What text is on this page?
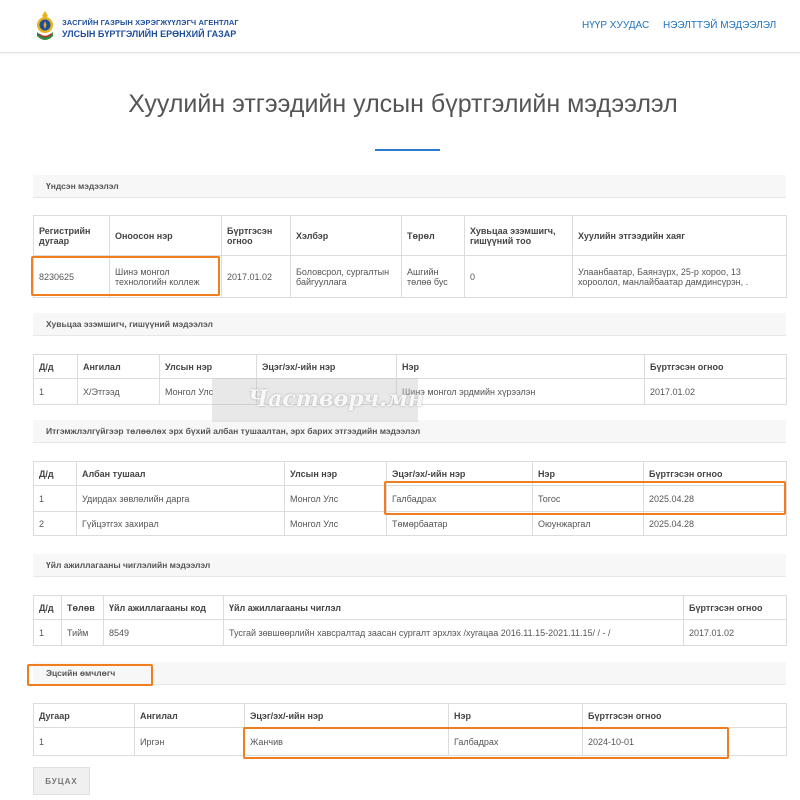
ЗАСГИЙН ГАЗРЫН ХЭРЭГЖҮҮЛЭГЧ АГЕНТЛАГ
УЛСЫН БҮРТГЭЛИЙН ЕРӨНХИЙ ГАЗАР
НҮҮР ХУУДАС НЭЭЛТТЭЙ МЭДЭЭЛЭЛ
Хуулийн этгээдийн улсын бүртгэлийн мэдээлэл
Үндсэн мэдээлэл
Регистрийн дугаар	Оноосон нэр	Бүртгэсэн огноо	Хэлбэр	Төрөл	Хувьцаа эзэмшигч, гишүүний тоо	Хуулийн этгээдийн хаяг
8230625	Шинэ монгол технологийн коллеж	2017.01.02	Боловсрол, сургалтын байгууллага	Ашгийн төлөө бус	0	Улаанбаатар, Баянзүрх, 25-р хороо, 13 хороолол, манлайбаатар дамдинсүрэн, .
Хувьцаа эзэмшигч, гишүүний мэдээлэл
Д/д	Ангилал	Улсын нэр	Эцэг/эх/-ийн нэр	Нэр	Бүртгэсэн огноо
1	Х/Этгээд	Монгол Улс		Шинэ монгол эрдмийн хүрээлэн	2017.01.02
Итгэмжлэлгүйгээр төлөөлөх эрх бүхий албан тушаалтан, эрх барих этгээдийн мэдээлэл
Д/д	Албан тушаал	Улсын нэр	Эцэг/эх/-ийн нэр	Нэр	Бүртгэсэн огноо
1	Удирдах зөвлөлийн дарга	Монгол Улс	Галбадрах	Тогос	2025.04.28
2	Гүйцэтгэх захирал	Монгол Улс	Төмөрбаатар	Оюунжаргал	2025.04.28
Үйл ажиллагааны чиглэлийн мэдээлэл
Д/д	Төлөв	Үйл ажиллагааны код	Үйл ажиллагааны чиглэл	Бүртгэсэн огноо
1	Тийм	8549	Тусгай зөвшөөрлийн хавсралтад заасан сургалт эрхлэх /хугацаа 2016.11.15-2021.11.15/ / - /	2017.01.02
Эцсийн өмчлөгч
Дугаар	Ангилал	Эцэг/эх/-ийн нэр	Нэр	Бүртгэсэн огноо
1	Иргэн	Жанчив	Галбадрах	2024-10-01
Частвөрч.мн
БУЦАХ
